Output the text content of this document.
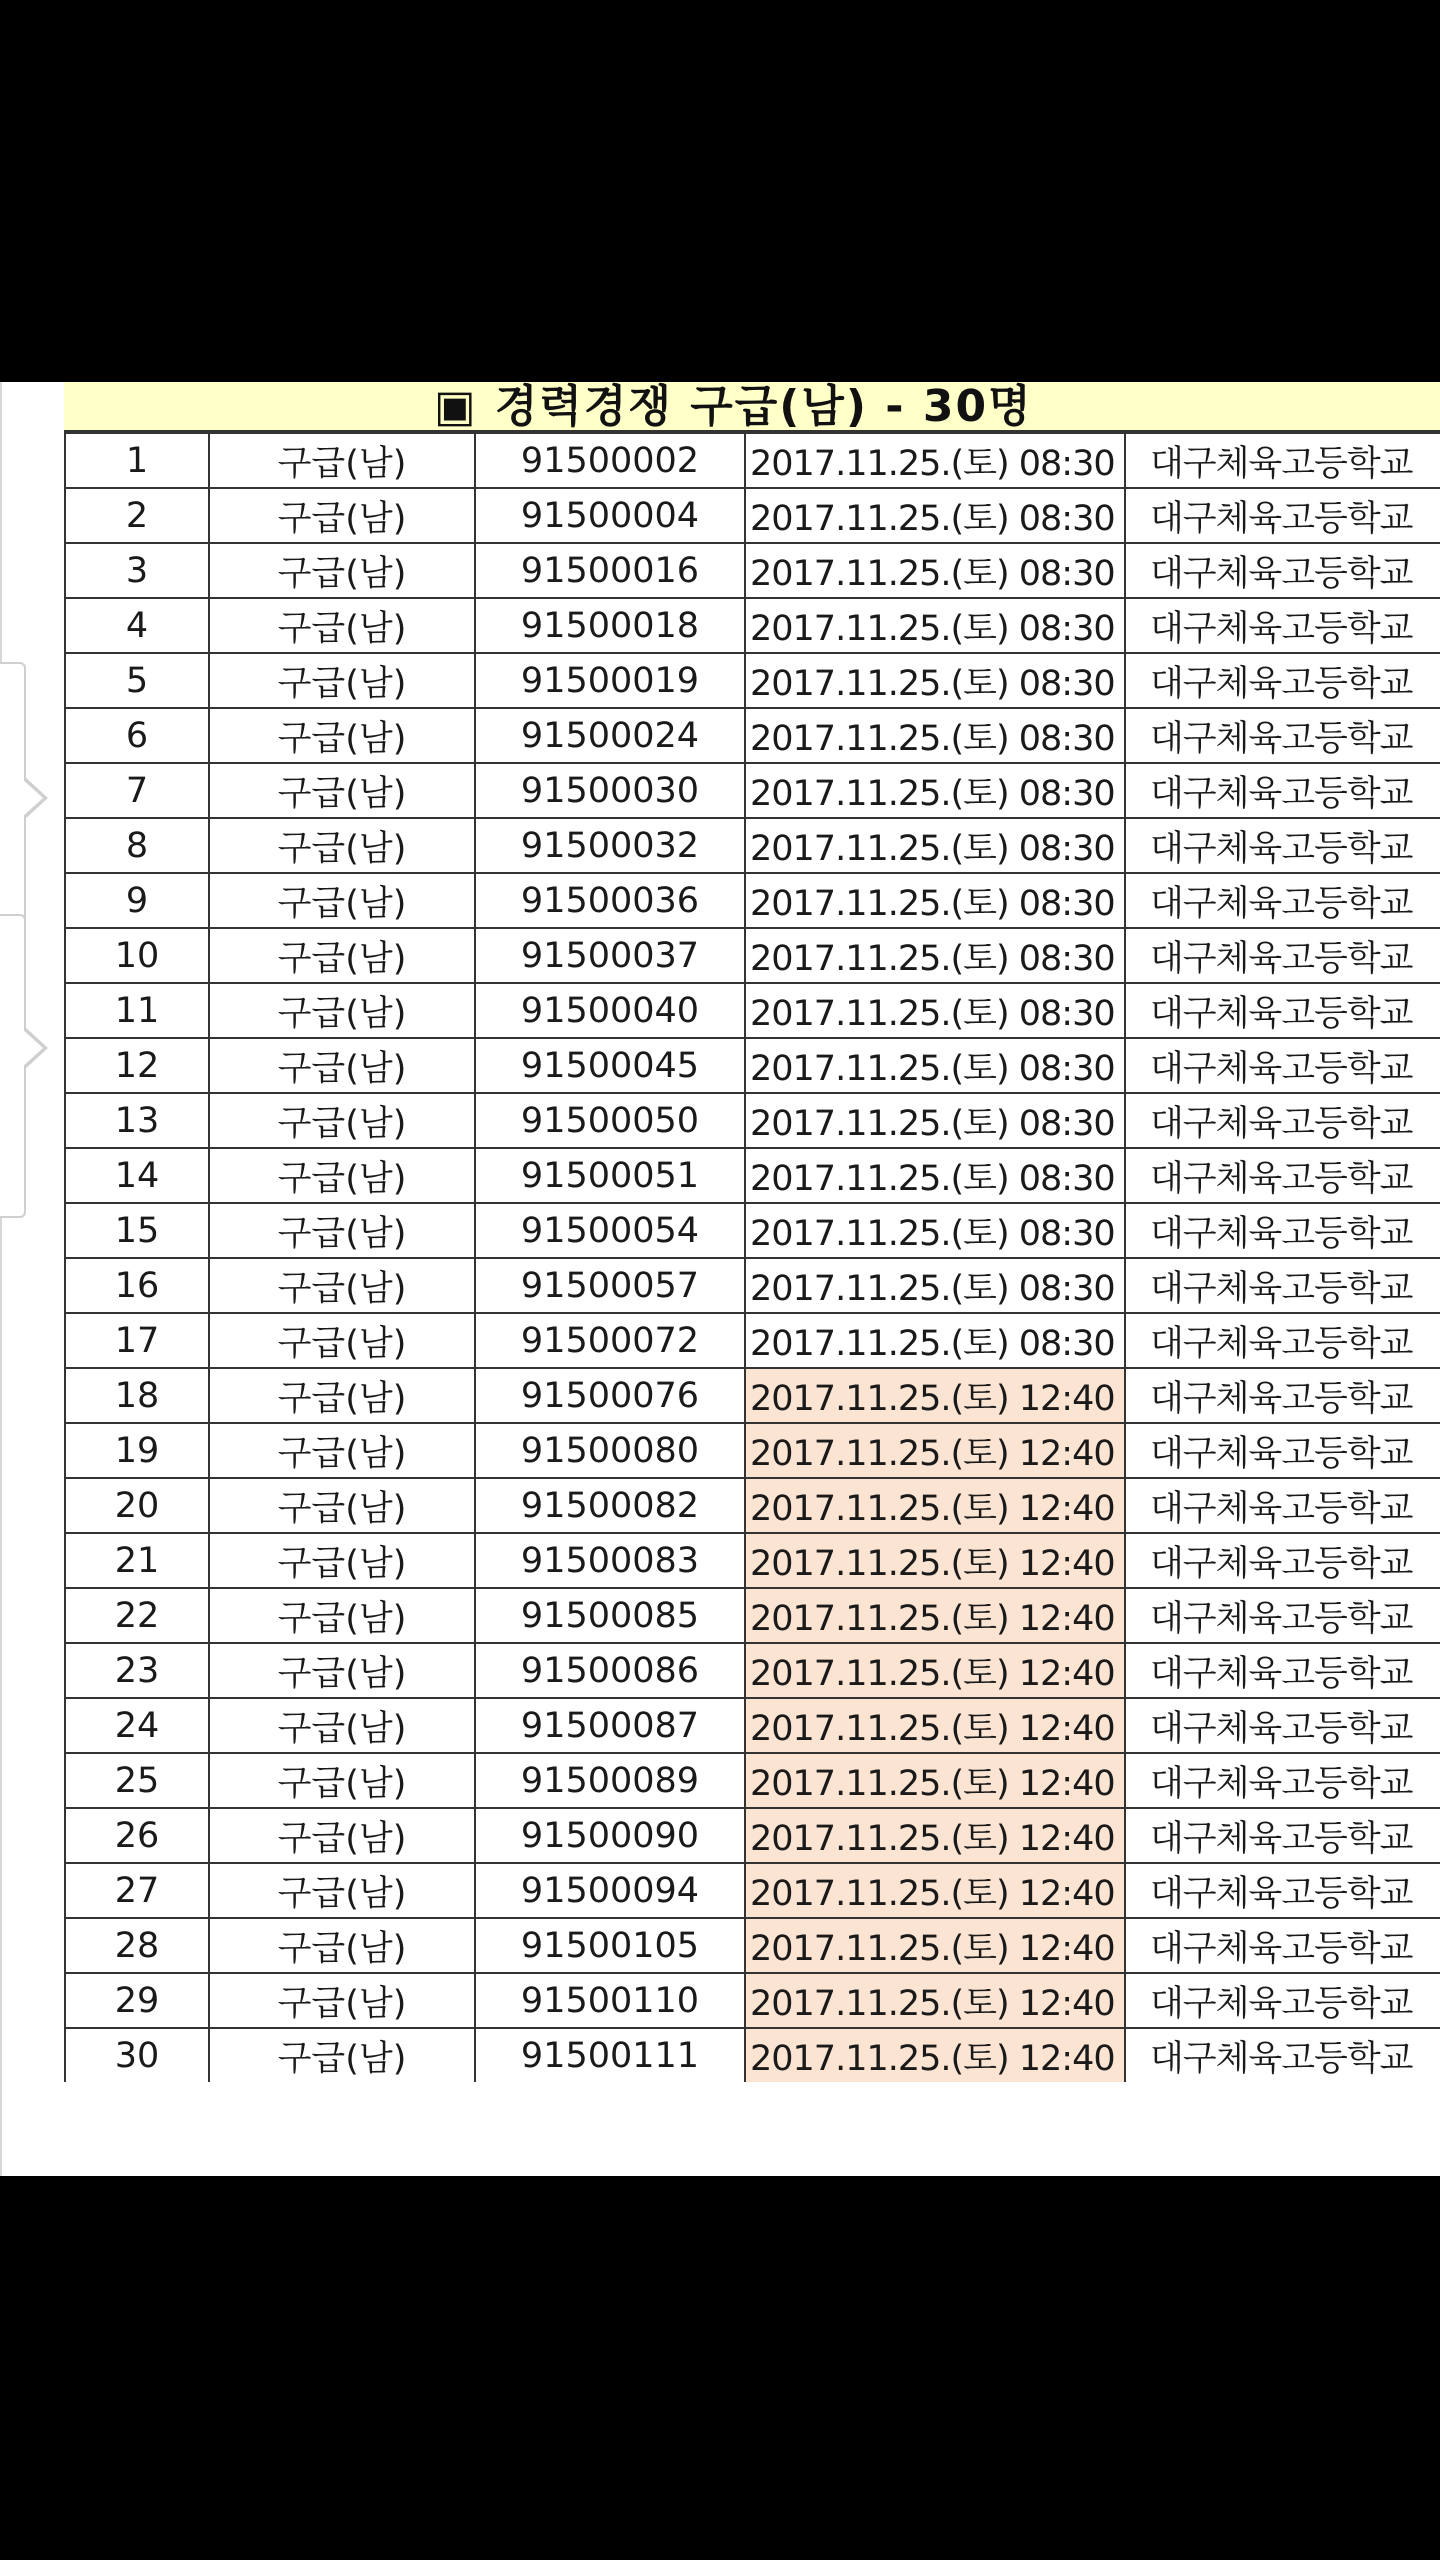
▣ 경력경쟁 구급(남) - 30명
1	구급(남)	91500002	2017.11.25.(토) 08:30	대구체육고등학교
2	구급(남)	91500004	2017.11.25.(토) 08:30	대구체육고등학교
3	구급(남)	91500016	2017.11.25.(토) 08:30	대구체육고등학교
4	구급(남)	91500018	2017.11.25.(토) 08:30	대구체육고등학교
5	구급(남)	91500019	2017.11.25.(토) 08:30	대구체육고등학교
6	구급(남)	91500024	2017.11.25.(토) 08:30	대구체육고등학교
7	구급(남)	91500030	2017.11.25.(토) 08:30	대구체육고등학교
8	구급(남)	91500032	2017.11.25.(토) 08:30	대구체육고등학교
9	구급(남)	91500036	2017.11.25.(토) 08:30	대구체육고등학교
10	구급(남)	91500037	2017.11.25.(토) 08:30	대구체육고등학교
11	구급(남)	91500040	2017.11.25.(토) 08:30	대구체육고등학교
12	구급(남)	91500045	2017.11.25.(토) 08:30	대구체육고등학교
13	구급(남)	91500050	2017.11.25.(토) 08:30	대구체육고등학교
14	구급(남)	91500051	2017.11.25.(토) 08:30	대구체육고등학교
15	구급(남)	91500054	2017.11.25.(토) 08:30	대구체육고등학교
16	구급(남)	91500057	2017.11.25.(토) 08:30	대구체육고등학교
17	구급(남)	91500072	2017.11.25.(토) 08:30	대구체육고등학교
18	구급(남)	91500076	2017.11.25.(토) 12:40	대구체육고등학교
19	구급(남)	91500080	2017.11.25.(토) 12:40	대구체육고등학교
20	구급(남)	91500082	2017.11.25.(토) 12:40	대구체육고등학교
21	구급(남)	91500083	2017.11.25.(토) 12:40	대구체육고등학교
22	구급(남)	91500085	2017.11.25.(토) 12:40	대구체육고등학교
23	구급(남)	91500086	2017.11.25.(토) 12:40	대구체육고등학교
24	구급(남)	91500087	2017.11.25.(토) 12:40	대구체육고등학교
25	구급(남)	91500089	2017.11.25.(토) 12:40	대구체육고등학교
26	구급(남)	91500090	2017.11.25.(토) 12:40	대구체육고등학교
27	구급(남)	91500094	2017.11.25.(토) 12:40	대구체육고등학교
28	구급(남)	91500105	2017.11.25.(토) 12:40	대구체육고등학교
29	구급(남)	91500110	2017.11.25.(토) 12:40	대구체육고등학교
30	구급(남)	91500111	2017.11.25.(토) 12:40	대구체육고등학교
